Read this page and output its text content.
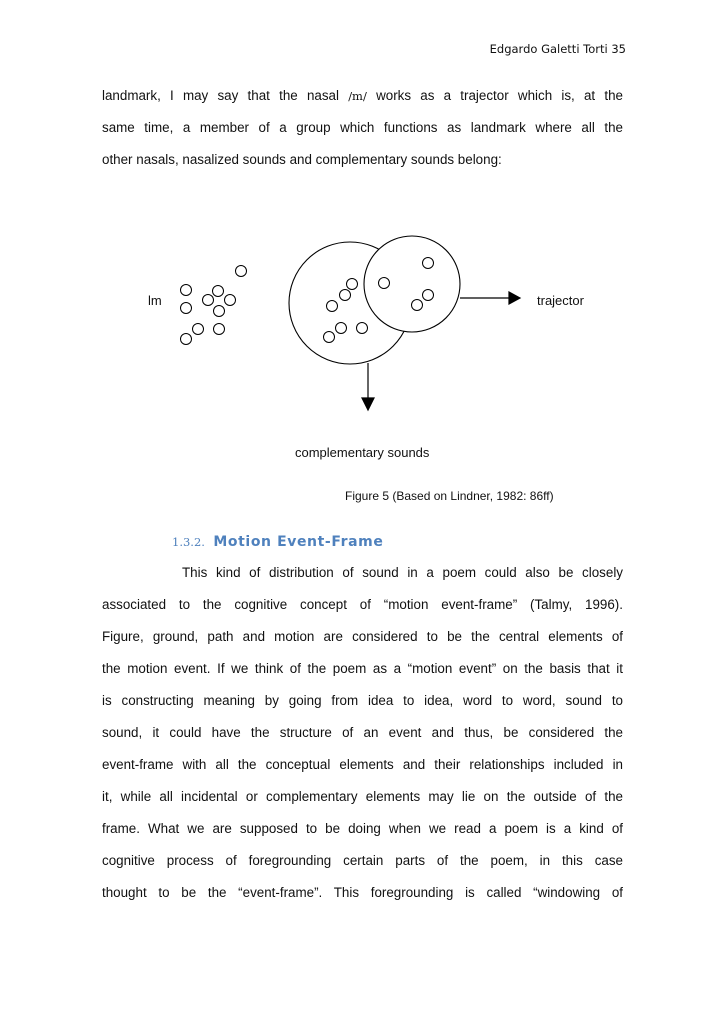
Edgardo Galetti Torti 35
landmark, I may say that the nasal /m/ works as a trajector which is, at the
same time, a member of a group which functions as landmark where all the
other nasals, nasalized sounds and complementary sounds belong:
lm	trajector
complementary sounds
Figure 5 (Based on Lindner, 1982: 86ff)
1.3.2. Motion Event-Frame
This kind of distribution of sound in a poem could also be closely
associated to the cognitive concept of “motion event-frame” (Talmy, 1996).
Figure, ground, path and motion are considered to be the central elements of
the motion event. If we think of the poem as a “motion event” on the basis that it
is constructing meaning by going from idea to idea, word to word, sound to
sound, it could have the structure of an event and thus, be considered the
event-frame with all the conceptual elements and their relationships included in
it, while all incidental or complementary elements may lie on the outside of the
frame. What we are supposed to be doing when we read a poem is a kind of
cognitive process of foregrounding certain parts of the poem, in this case
thought to be the “event-frame”. This foregrounding is called “windowing of
